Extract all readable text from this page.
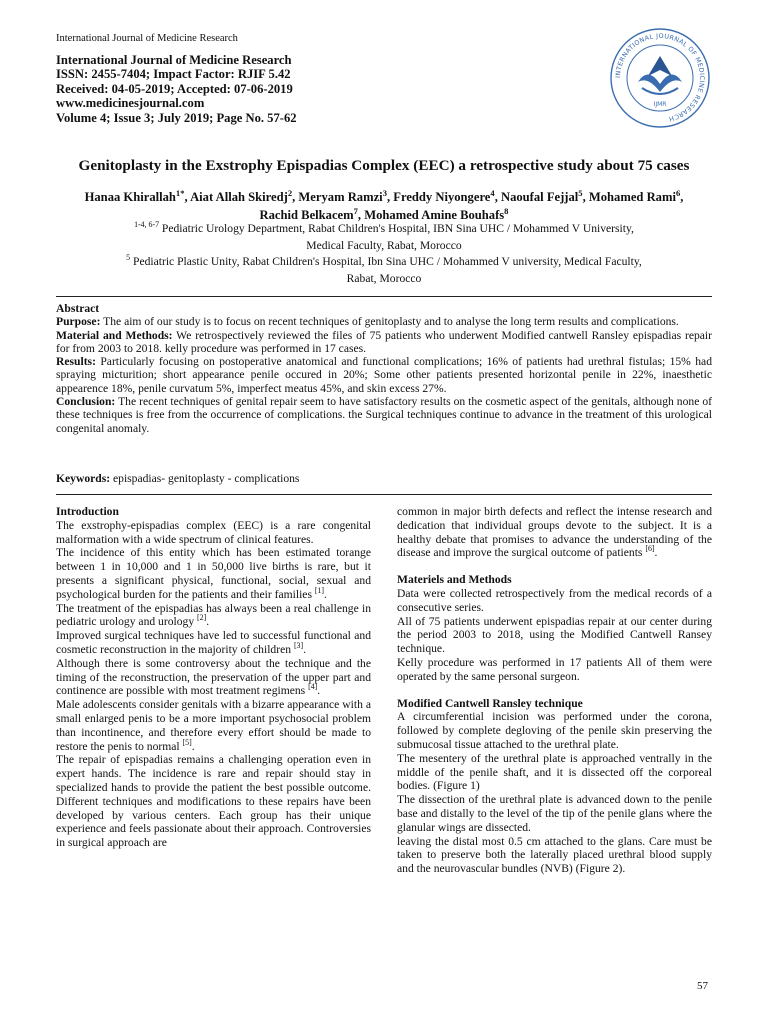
International Journal of Medicine Research
International Journal of Medicine Research
ISSN: 2455-7404; Impact Factor: RJIF 5.42
Received: 04-05-2019; Accepted: 07-06-2019
www.medicinesjournal.com
Volume 4; Issue 3; July 2019; Page No. 57-62
INTERNATIONAL JOURNAL OF MEDICINE RESEARCH
IJMR
Genitoplasty in the Exstrophy Epispadias Complex (EEC) a retrospective study about 75 cases
Hanaa Khirallah$^{1*}$, Aiat Allah Skiredj$^2$, Meryam Ramzi$^3$, Freddy Niyongere$^4$, Naoufal Fejjal$^5$, Mohamed Rami$^6$,
Rachid Belkacem$^7$, Mohamed Amine Bouhafs$^8$
$^{1-4, 6-7}$ Pediatric Urology Department, Rabat Children's Hospital, IBN Sina UHC / Mohammed V University,
Medical Faculty, Rabat, Morocco
$^5$ Pediatric Plastic Unity, Rabat Children's Hospital, Ibn Sina UHC / Mohammed V university, Medical Faculty,
Rabat, Morocco

Abstract

Purpose: The aim of our study is to focus on recent techniques of genitoplasty and to analyse the long term results and complications.

Material and Methods: We retrospectively reviewed the files of 75 patients who underwent Modified cantwell Ransley epispadias repair for from 2003 to 2018. kelly procedure was performed in 17 cases.

Results: Particularly focusing on postoperative anatomical and functional complications; 16% of patients had urethral fistulas; 15% had spraying micturition; short appearance penile occured in 20%; Some other patients presented horizontal penile in 22%, inaesthetic appearence 18%, penile curvatum 5%, imperfect meatus 45%, and skin excess 27%.

Conclusion: The recent techniques of genital repair seem to have satisfactory results on the cosmetic aspect of the genitals, although none of these techniques is free from the occurrence of complications. the Surgical techniques continue to advance in the treatment of this urological congenital anomaly.

Keywords: epispadias- genitoplasty - complications
Introduction

The exstrophy-epispadias complex (EEC) is a rare congenital malformation with a wide spectrum of clinical features.

The incidence of this entity which has been estimated torange between 1 in 10,000 and 1 in 50,000 live births is rare, but it presents a significant physical, functional, social, sexual and psychological burden for the patients and their families [1].

The treatment of the epispadias has always been a real challenge in pediatric urology and urology [2].

Improved surgical techniques have led to successful functional and cosmetic reconstruction in the majority of children [3].

Although there is some controversy about the technique and the timing of the reconstruction, the preservation of the upper part and continence are possible with most treatment regimens [4].

Male adolescents consider genitals with a bizarre appearance with a small enlarged penis to be a more important psychosocial problem than incontinence, and therefore every effort should be made to restore the penis to normal [5].

The repair of epispadias remains a challenging operation even in expert hands. The incidence is rare and repair should stay in specialized hands to provide the patient the best possible outcome. Different techniques and modifications to these repairs have been developed by various centers. Each group has their unique experience and feels passionate about their approach. Controversies in surgical approach are

common in major birth defects and reflect the intense research and dedication that individual groups devote to the subject. It is a healthy debate that promises to advance the understanding of the disease and improve the surgical outcome of patients [6].

Materiels and Methods

Data were collected retrospectively from the medical records of a consecutive series.

All of 75 patients underwent epispadias repair at our center during the period 2003 to 2018, using the Modified Cantwell Ransey technique.

Kelly procedure was performed in 17 patients All of them were operated by the same personal surgeon.

Modified Cantwell Ransley technique

A circumferential incision was performed under the corona, followed by complete degloving of the penile skin preserving the submucosal tissue attached to the urethral plate.

The mesentery of the urethral plate is approached ventrally in the middle of the penile shaft, and it is dissected off the corporeal bodies. (Figure 1)

The dissection of the urethral plate is advanced down to the penile base and distally to the level of the tip of the penile glans where the glanular wings are dissected.

leaving the distal most 0.5 cm attached to the glans. Care must be taken to preserve both the laterally placed urethral blood supply and the neurovascular bundles (NVB) (Figure 2).

57
